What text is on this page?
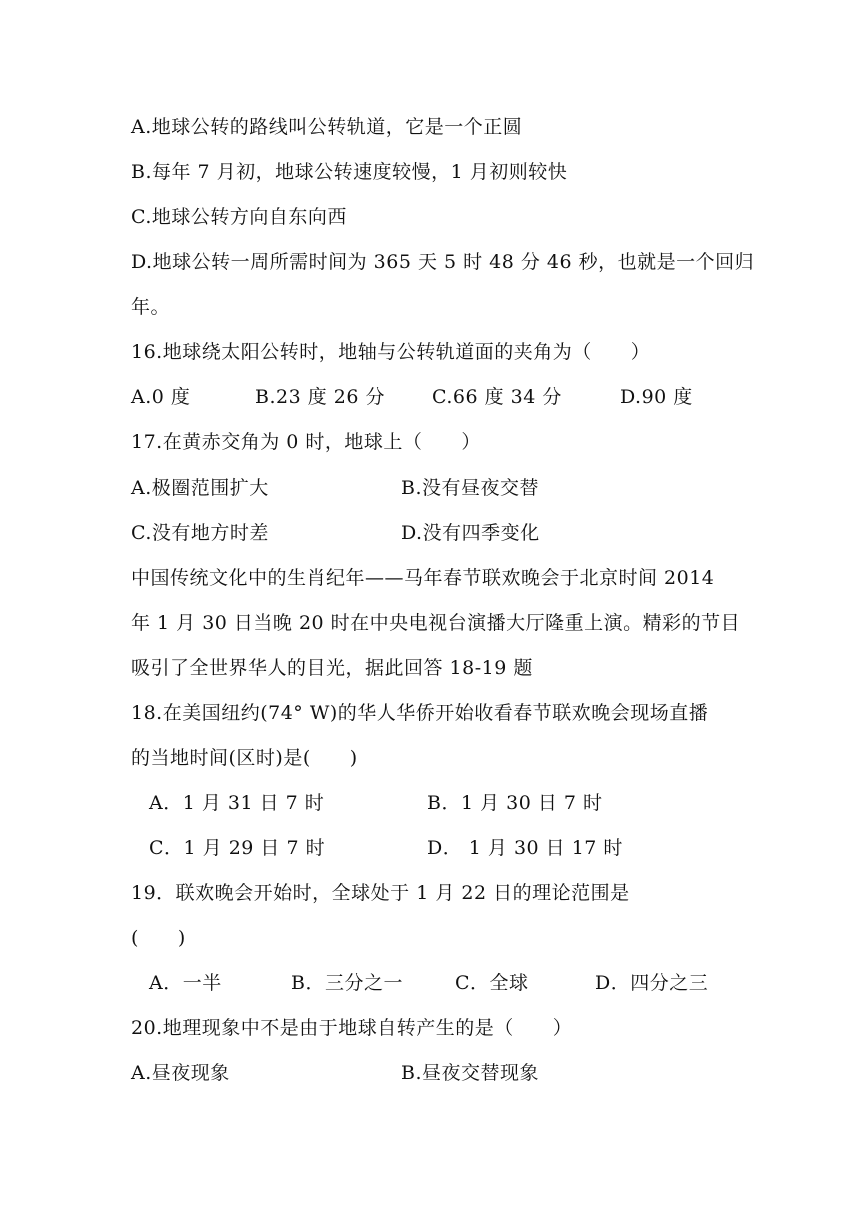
A.地球公转的路线叫公转轨道，它是一个正圆
B.每年 7 月初，地球公转速度较慢，1 月初则较快
C.地球公转方向自东向西
D.地球公转一周所需时间为 365 天 5 时 48 分 46 秒，也就是一个回归
年。
16.地球绕太阳公转时，地轴与公转轨道面的夹角为（　　）
A.0 度	B.23 度 26 分 C.66 度 34 分	D.90 度
17.在黄赤交角为 0 时，地球上（　　）
A.极圈范围扩大	B.没有昼夜交替
C.没有地方时差	D.没有四季变化
中国传统文化中的生肖纪年——马年春节联欢晚会于北京时间 2014
年 1 月 30 日当晚 20 时在中央电视台演播大厅隆重上演。精彩的节目
吸引了全世界华人的目光，据此回答 18-19 题
18.在美国纽约(74° W)的华人华侨开始收看春节联欢晚会现场直播
的当地时间(区时)是(　　)
A．1 月 31 日 7 时	B．1 月 30 日 7 时
C．1 月 29 日 7 时	D． 1 月 30 日 17 时
19．联欢晚会开始时，全球处于 1 月 22 日的理论范围是
(　　)
A．一半	B．三分之一	C．全球	D．四分之三
20.地理现象中不是由于地球自转产生的是（　　）
A.昼夜现象	B.昼夜交替现象
